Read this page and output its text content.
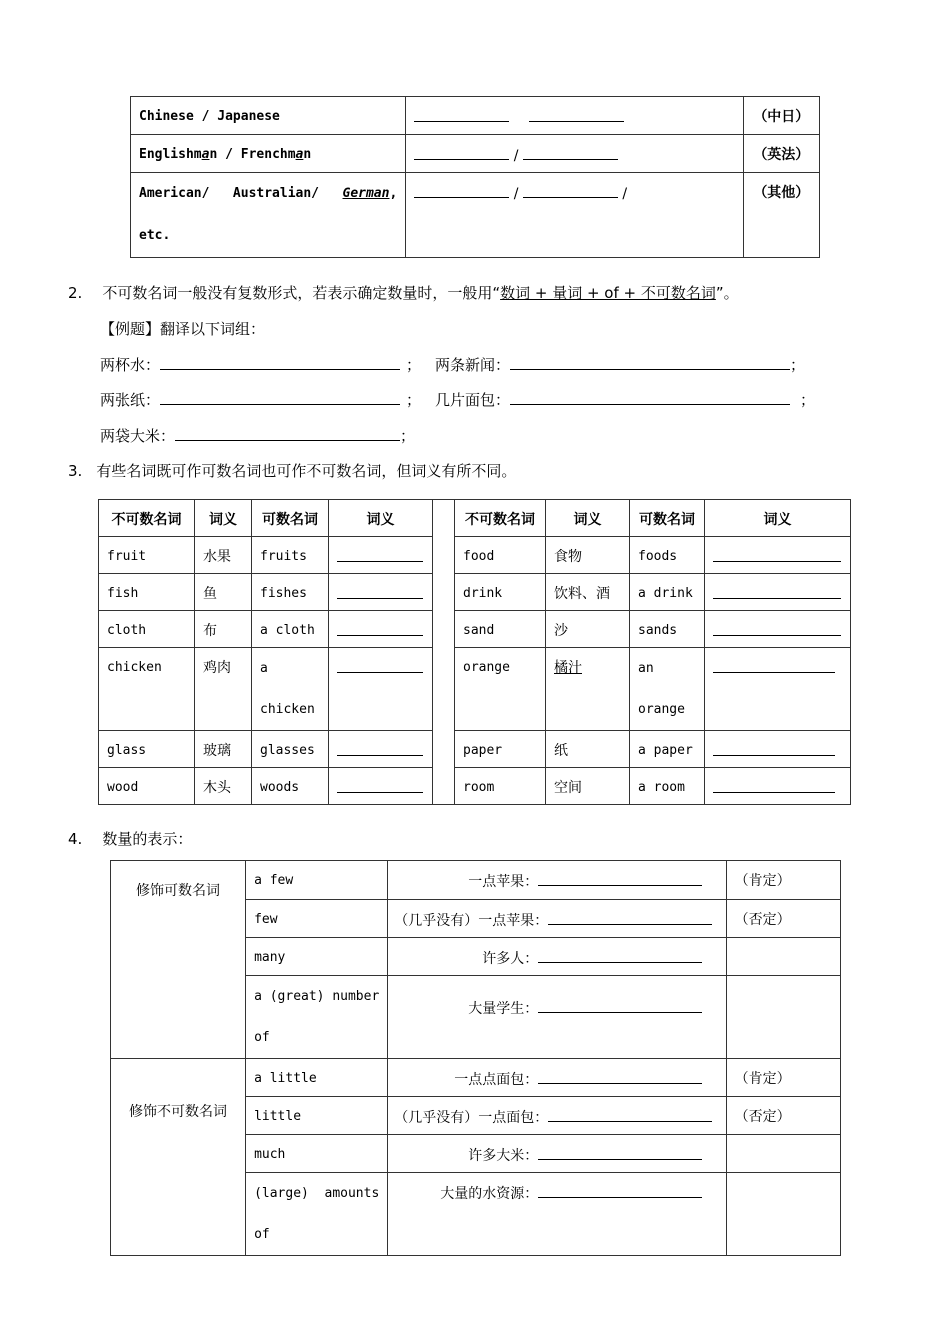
Chinese / Japanese		（中日）

Englishman / Frenchman	/	（英法）

American/   Australian/   German,
etc.	/ /	（其他）
2. 不可数名词一般没有复数形式，若表示确定数量时，一般用“数词 + 量词 + of + 不可数名词”。
【例题】翻译以下词组：
两杯水：	； 两条新闻：	；
两张纸：	； 几片面包：	；
两袋大米：	；
3. 有些名词既可作可数名词也可作不可数名词，但词义有所不同。
不可数名词	词义	可数名词	词义		不可数名词	词义	可数名词	词义

fruit	水果	fruits			food	食物	foods	

fish	鱼	fishes			drink	饮料、酒	a drink	

cloth	布	a cloth			sand	沙	sands	

chicken	鸡肉	a
chicken			orange	橘汁	an
orange	

glass	玻璃	glasses			paper	纸	a paper	

wood	木头	woods			room	空间	a room	

4. 数量的表示：
修饰可数名词	a few	一点苹果：	（肯定）

	few	（几乎没有）一点苹果：	（否定）

	many	许多人：	

	a (great) number
of	大量学生：	

修饰不可数名词	a little	一点点面包：	（肯定）

	little	（几乎没有）一点面包：	（否定）

	much	许多大米：	

	(large)  amounts
of	大量的水资源：	
